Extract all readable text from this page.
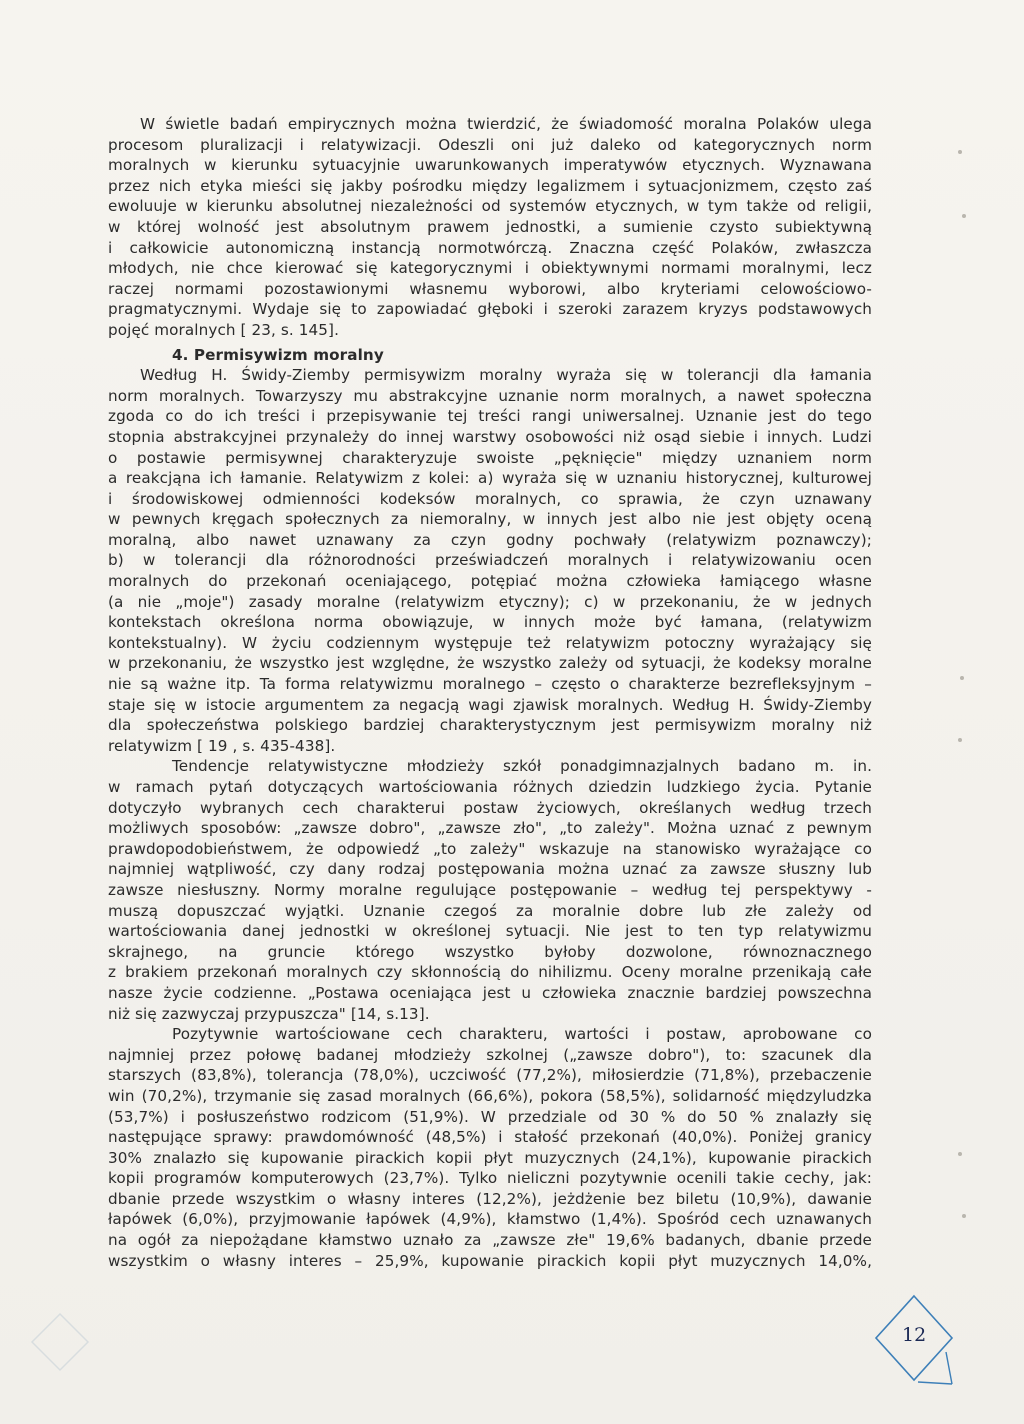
W świetle badań empirycznych można twierdzić, że świadomość moralna Polaków ulega
procesom pluralizacji i relatywizacji. Odeszli oni już daleko od kategorycznych norm
moralnych w kierunku sytuacyjnie uwarunkowanych imperatywów etycznych. Wyznawana
przez nich etyka mieści się jakby pośrodku między legalizmem i sytuacjonizmem, często zaś
ewoluuje w kierunku absolutnej niezależności od systemów etycznych, w tym także od religii,
w której wolność jest absolutnym prawem jednostki, a sumienie czysto subiektywną
i całkowicie autonomiczną instancją normotwórczą. Znaczna część Polaków, zwłaszcza
młodych, nie chce kierować się kategorycznymi i obiektywnymi normami moralnymi, lecz
raczej normami pozostawionymi własnemu wyborowi, albo kryteriami celowościowo-
pragmatycznymi. Wydaje się to zapowiadać głęboki i szeroki zarazem kryzys podstawowych
pojęć moralnych [ 23, s. 145].
4. Permisywizm moralny
Według H. Świdy-Ziemby permisywizm moralny wyraża się w tolerancji dla łamania
norm moralnych. Towarzyszy mu abstrakcyjne uznanie norm moralnych, a nawet społeczna
zgoda co do ich treści i przepisywanie tej treści rangi uniwersalnej. Uznanie jest do tego
stopnia abstrakcyjnei przynależy do innej warstwy osobowości niż osąd siebie i innych. Ludzi
o postawie permisywnej charakteryzuje swoiste „pęknięcie" między uznaniem norm
a reakcjąna ich łamanie. Relatywizm z kolei: a) wyraża się w uznaniu historycznej, kulturowej
i środowiskowej odmienności kodeksów moralnych, co sprawia, że czyn uznawany
w pewnych kręgach społecznych za niemoralny, w innych jest albo nie jest objęty oceną
moralną, albo nawet uznawany za czyn godny pochwały (relatywizm poznawczy);
b) w tolerancji dla różnorodności przeświadczeń moralnych i relatywizowaniu ocen
moralnych do przekonań oceniającego, potępiać można człowieka łamiącego własne
(a nie „moje") zasady moralne (relatywizm etyczny); c) w przekonaniu, że w jednych
kontekstach określona norma obowiązuje, w innych może być łamana, (relatywizm
kontekstualny). W życiu codziennym występuje też relatywizm potoczny wyrażający się
w przekonaniu, że wszystko jest względne, że wszystko zależy od sytuacji, że kodeksy moralne
nie są ważne itp. Ta forma relatywizmu moralnego – często o charakterze bezrefleksyjnym –
staje się w istocie argumentem za negacją wagi zjawisk moralnych. Według H. Świdy-Ziemby
dla społeczeństwa polskiego bardziej charakterystycznym jest permisywizm moralny niż
relatywizm [ 19 , s. 435-438].
Tendencje relatywistyczne młodzieży szkół ponadgimnazjalnych badano m. in.
w ramach pytań dotyczących wartościowania różnych dziedzin ludzkiego życia. Pytanie
dotyczyło wybranych cech charakterui postaw życiowych, określanych według trzech
możliwych sposobów: „zawsze dobro", „zawsze zło", „to zależy". Można uznać z pewnym
prawdopodobieństwem, że odpowiedź „to zależy" wskazuje na stanowisko wyrażające co
najmniej wątpliwość, czy dany rodzaj postępowania można uznać za zawsze słuszny lub
zawsze niesłuszny. Normy moralne regulujące postępowanie – według tej perspektywy -
muszą dopuszczać wyjątki. Uznanie czegoś za moralnie dobre lub złe zależy od
wartościowania danej jednostki w określonej sytuacji. Nie jest to ten typ relatywizmu
skrajnego, na gruncie którego wszystko byłoby dozwolone, równoznacznego
z brakiem przekonań moralnych czy skłonnością do nihilizmu. Oceny moralne przenikają całe
nasze życie codzienne. „Postawa oceniająca jest u człowieka znacznie bardziej powszechna
niż się zazwyczaj przypuszcza" [14, s.13].
Pozytywnie wartościowane cech charakteru, wartości i postaw, aprobowane co
najmniej przez połowę badanej młodzieży szkolnej („zawsze dobro"), to: szacunek dla
starszych (83,8%), tolerancja (78,0%), uczciwość (77,2%), miłosierdzie (71,8%), przebaczenie
win (70,2%), trzymanie się zasad moralnych (66,6%), pokora (58,5%), solidarność międzyludzka
(53,7%) i posłuszeństwo rodzicom (51,9%). W przedziale od 30 % do 50 % znalazły się
następujące sprawy: prawdomówność (48,5%) i stałość przekonań (40,0%). Poniżej granicy
30% znalazło się kupowanie pirackich kopii płyt muzycznych (24,1%), kupowanie pirackich
kopii programów komputerowych (23,7%). Tylko nieliczni pozytywnie ocenili takie cechy, jak:
dbanie przede wszystkim o własny interes (12,2%), jeżdżenie bez biletu (10,9%), dawanie
łapówek (6,0%), przyjmowanie łapówek (4,9%), kłamstwo (1,4%). Spośród cech uznawanych
na ogół za niepożądane kłamstwo uznało za „zawsze złe" 19,6% badanych, dbanie przede
wszystkim o własny interes – 25,9%, kupowanie pirackich kopii płyt muzycznych 14,0%,
12
